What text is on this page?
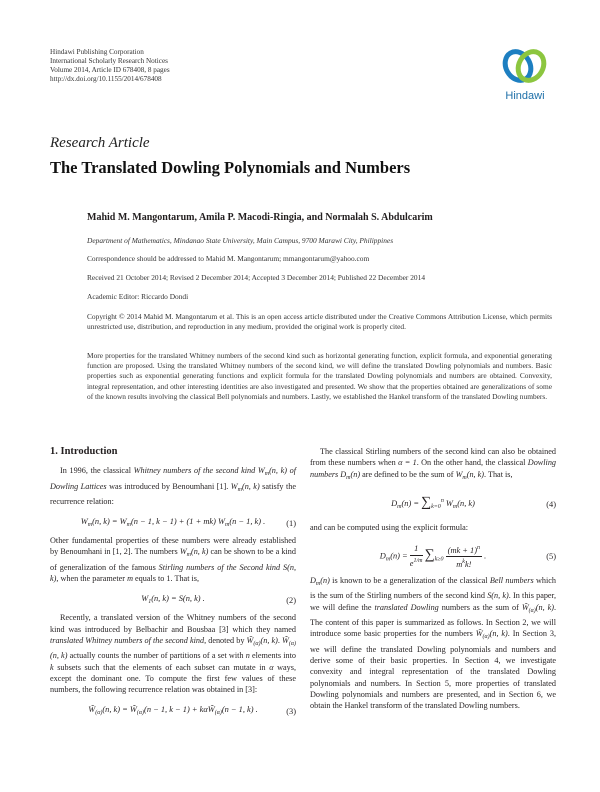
Hindawi Publishing Corporation
International Scholarly Research Notices
Volume 2014, Article ID 678408, 8 pages
http://dx.doi.org/10.1155/2014/678408
Hindawi
Research Article
The Translated Dowling Polynomials and Numbers
Mahid M. Mangontarum, Amila P. Macodi-Ringia, and Normalah S. Abdulcarim
Department of Mathematics, Mindanao State University, Main Campus, 9700 Marawi City, Philippines
Correspondence should be addressed to Mahid M. Mangontarum; mmangontarum@yahoo.com
Received 21 October 2014; Revised 2 December 2014; Accepted 3 December 2014; Published 22 December 2014
Academic Editor: Riccardo Dondi
Copyright © 2014 Mahid M. Mangontarum et al. This is an open access article distributed under the Creative Commons Attribution License, which permits unrestricted use, distribution, and reproduction in any medium, provided the original work is properly cited.
More properties for the translated Whitney numbers of the second kind such as horizontal generating function, explicit formula, and exponential generating function are proposed. Using the translated Whitney numbers of the second kind, we will define the translated Dowling polynomials and numbers. Basic properties such as exponential generating functions and explicit formula for the translated Dowling polynomials and numbers are obtained. Convexity, integral representation, and other interesting identities are also investigated and presented. We show that the properties obtained are generalizations of some of the known results involving the classical Bell polynomials and numbers. Lastly, we established the Hankel transform of the translated Dowling numbers.
1. Introduction

In 1996, the classical Whitney numbers of the second kind $W_m(n$, k) of Dowling Lattices was introduced by Benoumhani [1]. $W_m(n$, k) satisfy the recurrence relation:

$W_m(n$, $k) = W_m(n - 1$, k − 1) + (1 + mk) $W_m(n - 1$, k) .	(1)

Other fundamental properties of these numbers were already established by Benoumhani in [1, 2]. The numbers $W_m(n$, k) can be shown to be a kind of generalization of the famous Stirling numbers of the Second kind S(n, k), when the parameter m equals to 1. That is,

$W_1(n$, k) = S(n, k) .	(2)

Recently, a translated version of the Whitney numbers of the second kind was introduced by Belbachir and Bousbaa [3] which they named translated Whitney numbers of the second kind, denoted by $W̃_{(\alpha)}(n$, k). $W̃_{(\alpha)}(n$, k) actually counts the number of partitions of a set with n elements into k subsets such that the elements of each subset can mutate in α ways, except the dominant one. To compute the first few values of these numbers, the following recurrence relation was obtained in [3]:

$W̃_{(\alpha)}(n$, $k) = W̃_{(\alpha)}(n - 1$, $k - 1) + k\alpha W̃_{(\alpha)}(n - 1$, k) .	(3)

The classical Stirling numbers of the second kind can also be obtained from these numbers when α = 1. On the other hand, the classical Dowling numbers $D_m(n)$ are defined to be the sum of $W_m(n$, k). That is,

$D_m(n) = \sum_{k=0}^n$ $W_m(n$, k)	(4)

and can be computed using the explicit formula:

$D_m(n) = \frac{1}{e^{1/m}} \sum_{k\ge 0}$
(mk + 1)$^n$
$m^kk$!
.	(5)

$D_m(n)$ is known to be a generalization of the classical Bell numbers which is the sum of the Stirling numbers of the second kind S(n, k). In this paper, we will define the translated Dowling numbers as the sum of $W̃_{(\alpha)}(n$, k). The content of this paper is summarized as follows. In Section 2, we will introduce some basic properties for the numbers $W̃_{(\alpha)}(n$, k). In Section 3, we will define the translated Dowling polynomials and numbers and derive some of their basic properties. In Section 4, we investigate convexity and integral representation of the translated Dowling polynomials and numbers. In Section 5, more properties of translated Dowling polynomials and numbers are presented, and in Section 6, we obtain the Hankel transform of the translated Dowling numbers.
